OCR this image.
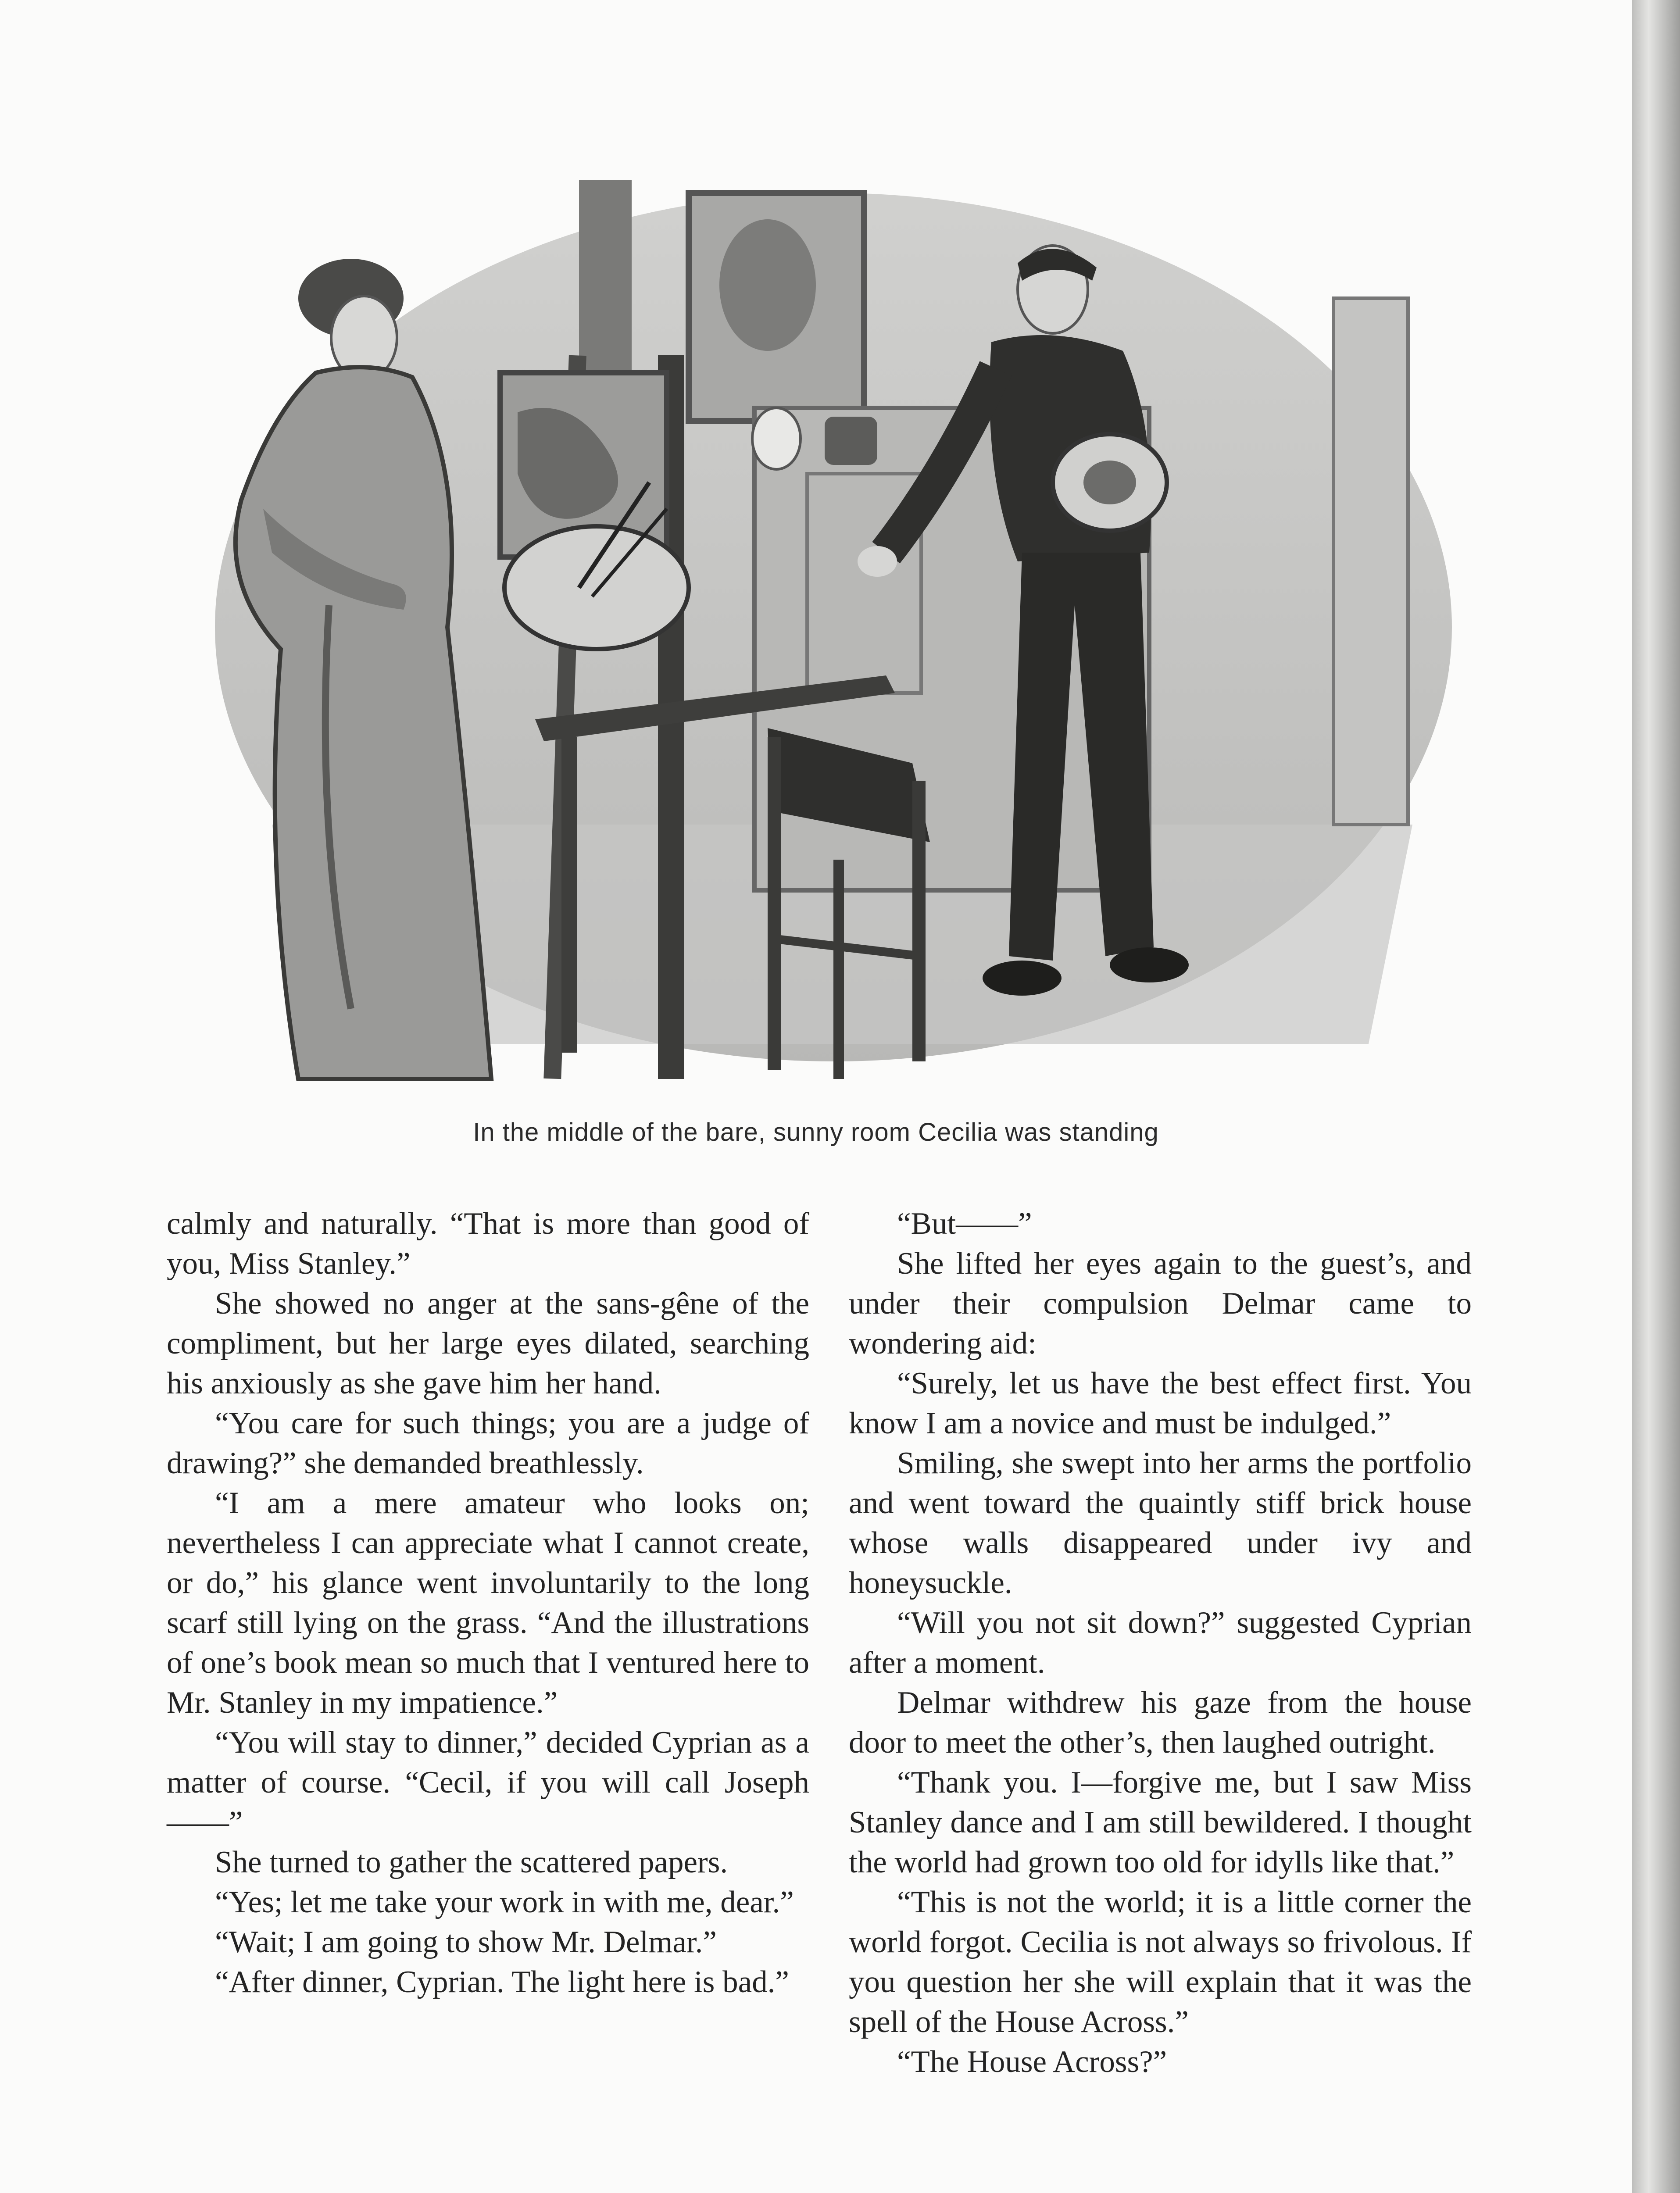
In the middle of the bare, sunny room Cecilia was standing

calmly and naturally. “That is more than good of you, Miss Stanley.”

She showed no anger at the sans-gêne of the compliment, but her large eyes dilated, searching his anxiously as she gave him her hand.

“You care for such things; you are a judge of drawing?” she demanded breathlessly.

“I am a mere amateur who looks on; nevertheless I can appreciate what I cannot create, or do,” his glance went involuntarily to the long scarf still lying on the grass. “And the illustrations of one’s book mean so much that I ventured here to Mr. Stanley in my impatience.”

“You will stay to dinner,” decided Cyprian as a matter of course. “Cecil, if you will call Joseph——”

She turned to gather the scattered papers.

“Yes; let me take your work in with me, dear.”

“Wait; I am going to show Mr. Delmar.”

“After dinner, Cyprian. The light here is bad.”

“But——”

She lifted her eyes again to the guest’s, and under their compulsion Delmar came to wondering aid:

“Surely, let us have the best effect first. You know I am a novice and must be indulged.”

Smiling, she swept into her arms the portfolio and went toward the quaintly stiff brick house whose walls disappeared under ivy and honeysuckle.

“Will you not sit down?” suggested Cyprian after a moment.

Delmar withdrew his gaze from the house door to meet the other’s, then laughed outright.

“Thank you. I—forgive me, but I saw Miss Stanley dance and I am still bewildered. I thought the world had grown too old for idylls like that.”

“This is not the world; it is a little corner the world forgot. Cecilia is not always so frivolous. If you question her she will explain that it was the spell of the House Across.”

“The House Across?”
